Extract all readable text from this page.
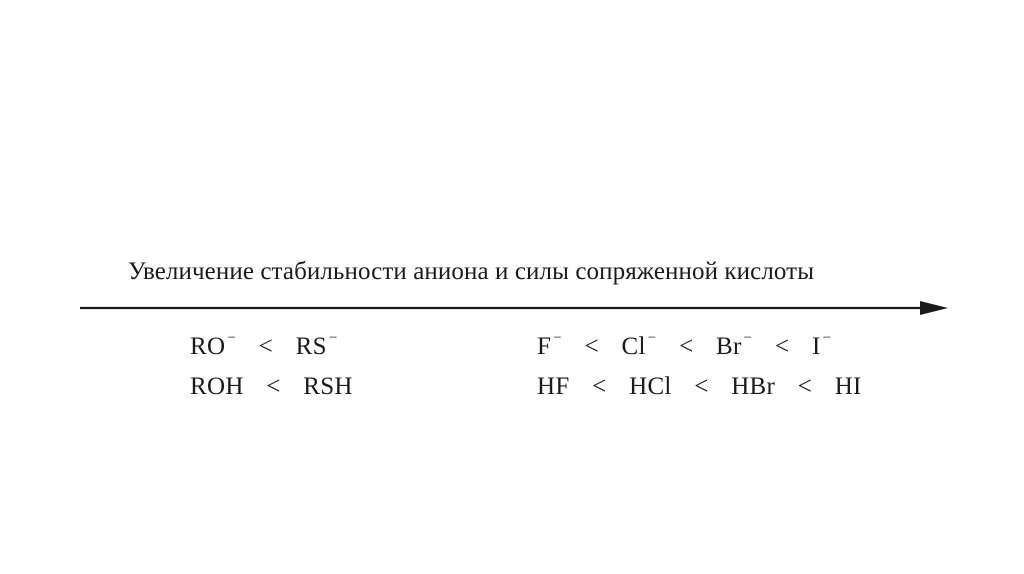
Увеличение стабильности аниона и силы сопряженной кислоты
RO − < RS −
ROH < RSH
F − < Cl − < Br − < I −
HF < HCl < HBr < HI
